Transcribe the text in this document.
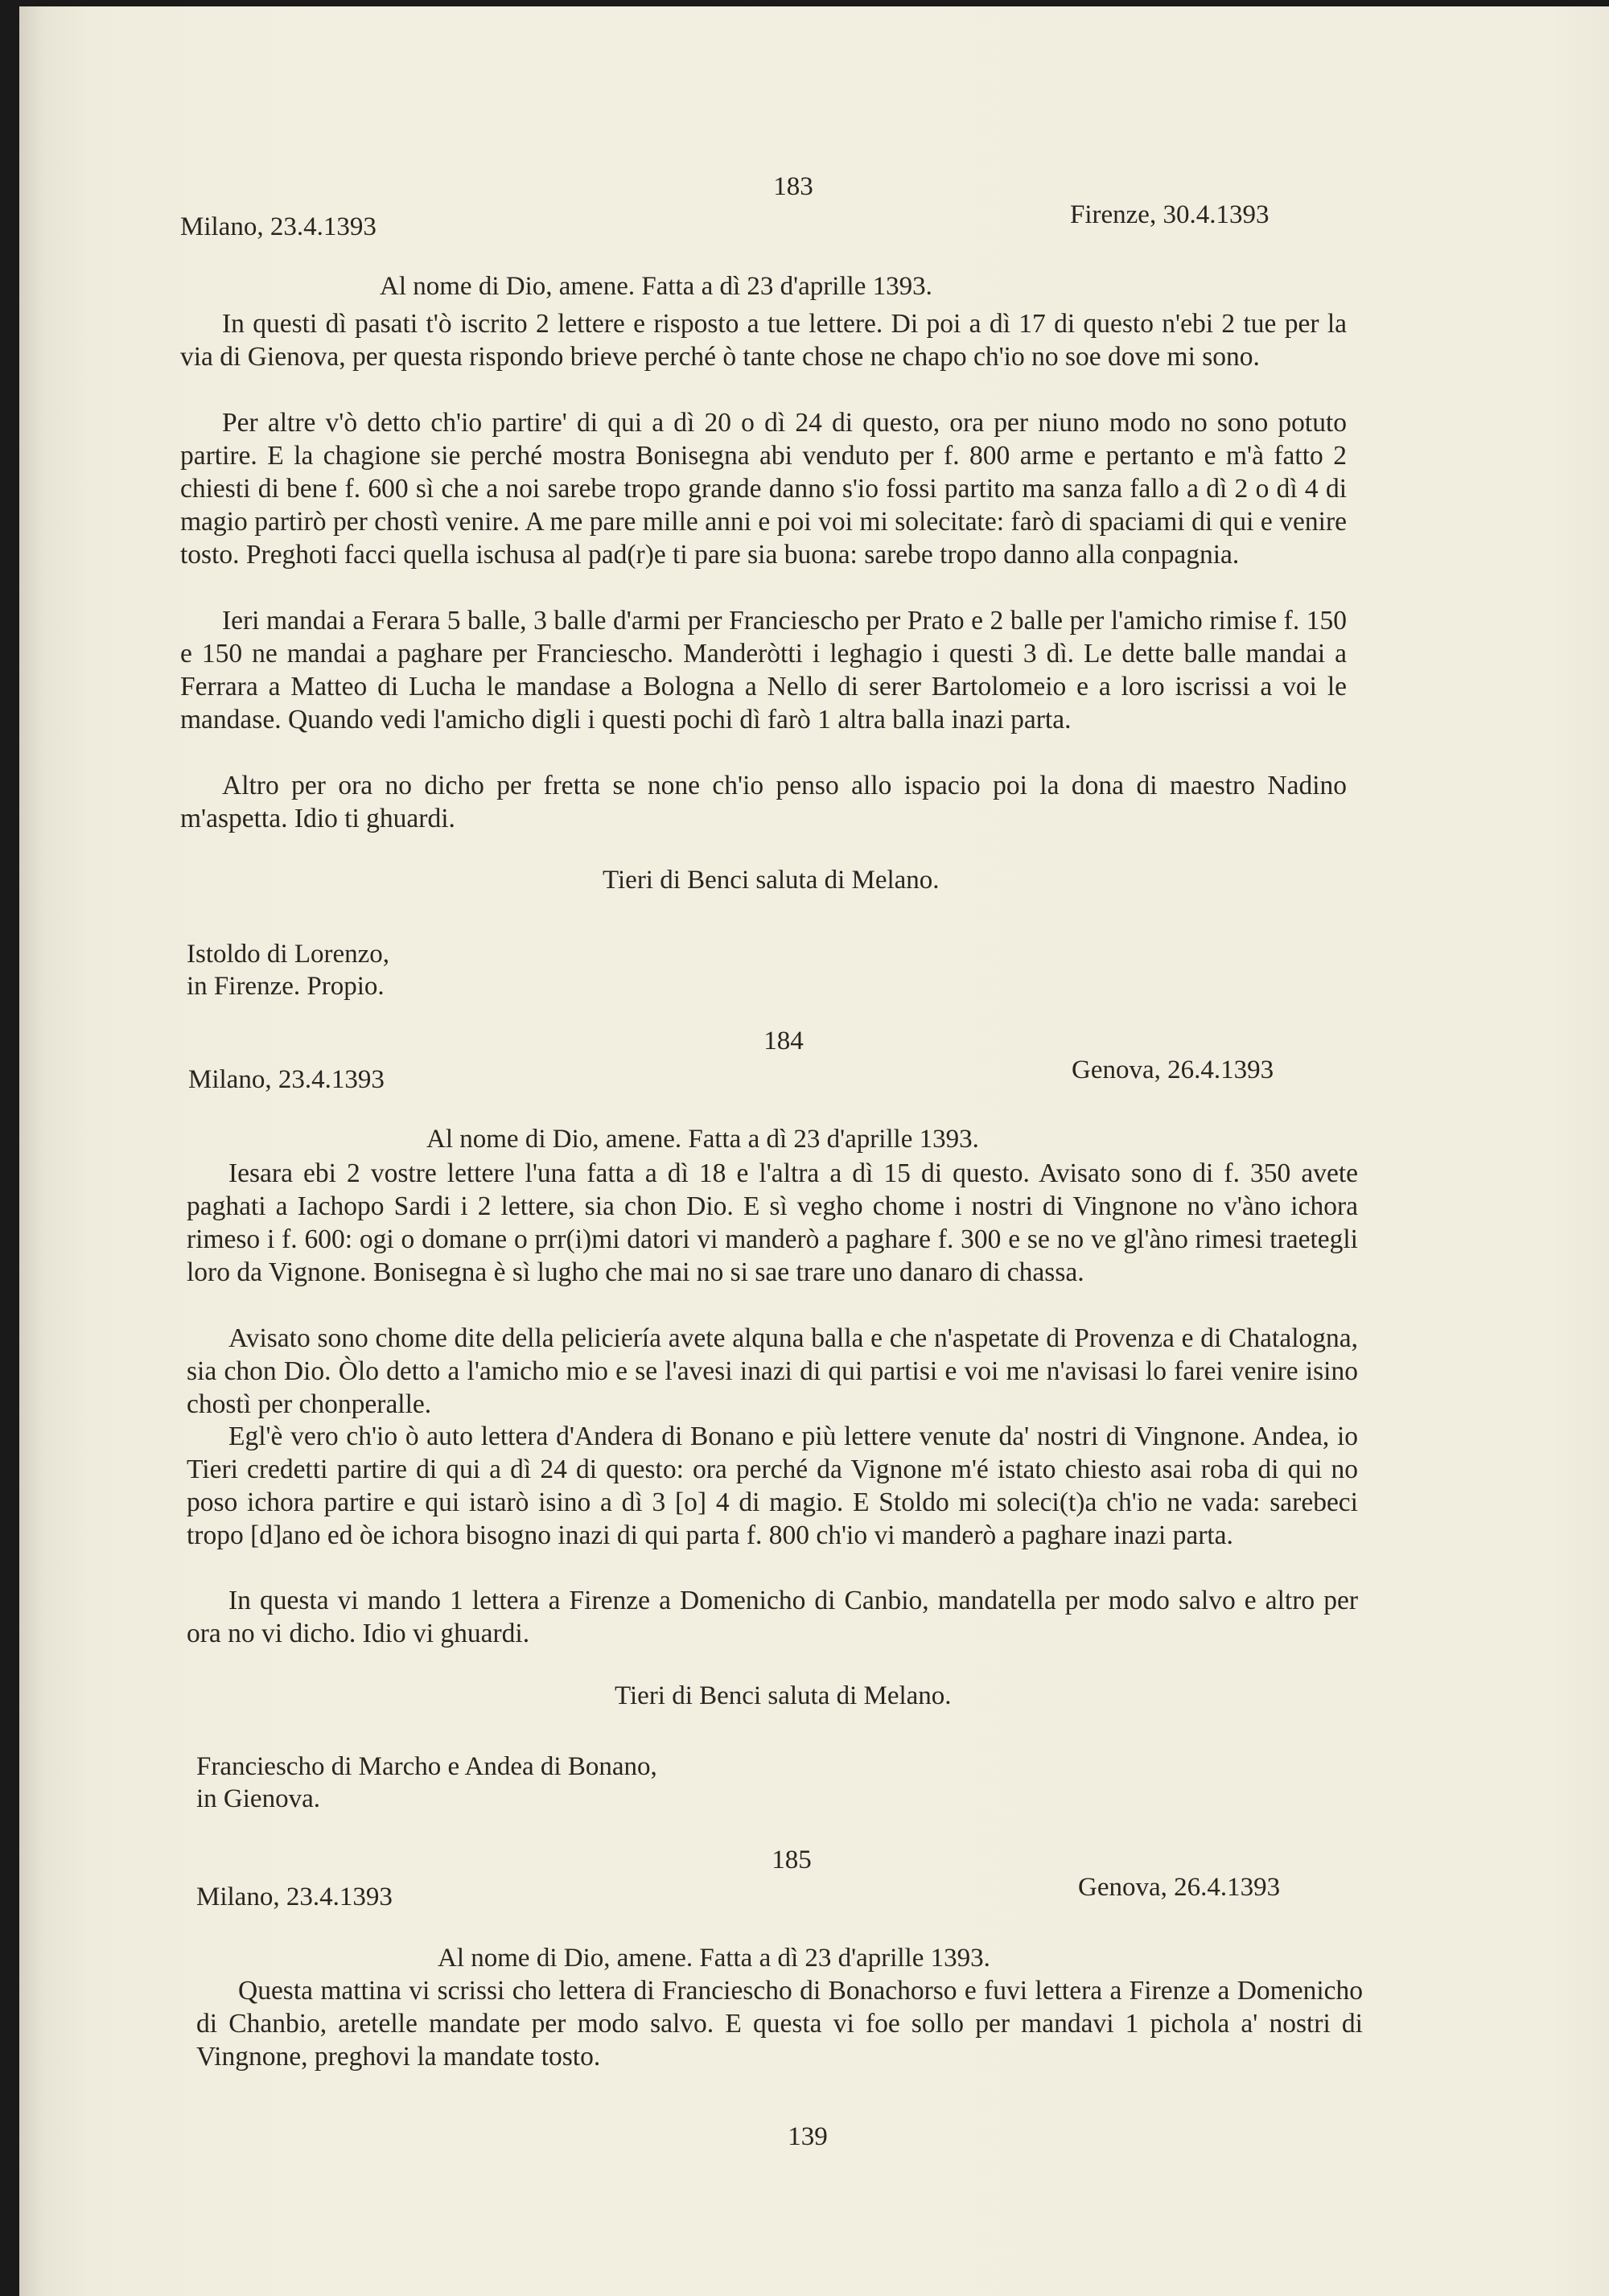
183
Milano, 23.4.1393	Firenze, 30.4.1393
Al nome di Dio, amene. Fatta a dì 23 d'aprille 1393.

In questi dì pasati t'ò iscrito 2 lettere e risposto a tue lettere. Di poi a dì 17 di questo n'ebi 2 tue per la via di Gienova, per questa rispondo brieve perché ò tante chose ne chapo ch'io no soe dove mi sono.

Per altre v'ò detto ch'io partire' di qui a dì 20 o dì 24 di questo, ora per niuno modo no sono potuto partire. E la chagione sie perché mostra Bonisegna abi venduto per f. 800 arme e pertanto e m'à fatto 2 chiesti di bene f. 600 sì che a noi sarebe tropo grande danno s'io fossi partito ma sanza fallo a dì 2 o dì 4 di magio partirò per chostì venire. A me pare mille anni e poi voi mi solecitate: farò di spaciami di qui e venire tosto. Preghoti facci quella ischusa al pad(r)e ti pare sia buona: sarebe tropo danno alla conpagnia.

Ieri mandai a Ferara 5 balle, 3 balle d'armi per Franciescho per Prato e 2 balle per l'amicho rimise f. 150 e 150 ne mandai a paghare per Franciescho. Manderòtti i leghagio i questi 3 dì. Le dette balle mandai a Ferrara a Matteo di Lucha le mandase a Bologna a Nello di serer Bartolomeio e a loro iscrissi a voi le mandase. Quando vedi l'amicho digli i questi pochi dì farò 1 altra balla inazi parta.

Altro per ora no dicho per fretta se none ch'io penso allo ispacio poi la dona di maestro Nadino m'aspetta. Idio ti ghuardi.

Tieri di Benci saluta di Melano.
Istoldo di Lorenzo,
in Firenze. Propio.
184
Milano, 23.4.1393	Genova, 26.4.1393
Al nome di Dio, amene. Fatta a dì 23 d'aprille 1393.

Iesara ebi 2 vostre lettere l'una fatta a dì 18 e l'altra a dì 15 di questo. Avisato sono di f. 350 avete paghati a Iachopo Sardi i 2 lettere, sia chon Dio. E sì vegho chome i nostri di Vingnone no v'àno ichora rimeso i f. 600: ogi o domane o prr(i)mi datori vi manderò a paghare f. 300 e se no ve gl'àno rimesi traetegli loro da Vignone. Bonisegna è sì lugho che mai no si sae trare uno danaro di chassa.

Avisato sono chome dite della peliciería avete alquna balla e che n'aspetate di Provenza e di Chatalogna, sia chon Dio. Òlo detto a l'amicho mio e se l'avesi inazi di qui partisi e voi me n'avisasi lo farei venire isino chostì per chonperalle.

Egl'è vero ch'io ò auto lettera d'Andera di Bonano e più lettere venute da' nostri di Vingnone. Andea, io Tieri credetti partire di qui a dì 24 di questo: ora perché da Vignone m'é istato chiesto asai roba di qui no poso ichora partire e qui istarò isino a dì 3 [o] 4 di magio. E Stoldo mi soleci(t)a ch'io ne vada: sarebeci tropo [d]ano ed òe ichora bisogno inazi di qui parta f. 800 ch'io vi manderò a paghare inazi parta.

In questa vi mando 1 lettera a Firenze a Domenicho di Canbio, mandatella per modo salvo e altro per ora no vi dicho. Idio vi ghuardi.

Tieri di Benci saluta di Melano.
Franciescho di Marcho e Andea di Bonano,
in Gienova.
185
Milano, 23.4.1393	Genova, 26.4.1393
Al nome di Dio, amene. Fatta a dì 23 d'aprille 1393.

Questa mattina vi scrissi cho lettera di Franciescho di Bonachorso e fuvi lettera a Firenze a Domenicho di Chanbio, aretelle mandate per modo salvo. E questa vi foe sollo per mandavi 1 pichola a' nostri di Vingnone, preghovi la mandate tosto.

139
